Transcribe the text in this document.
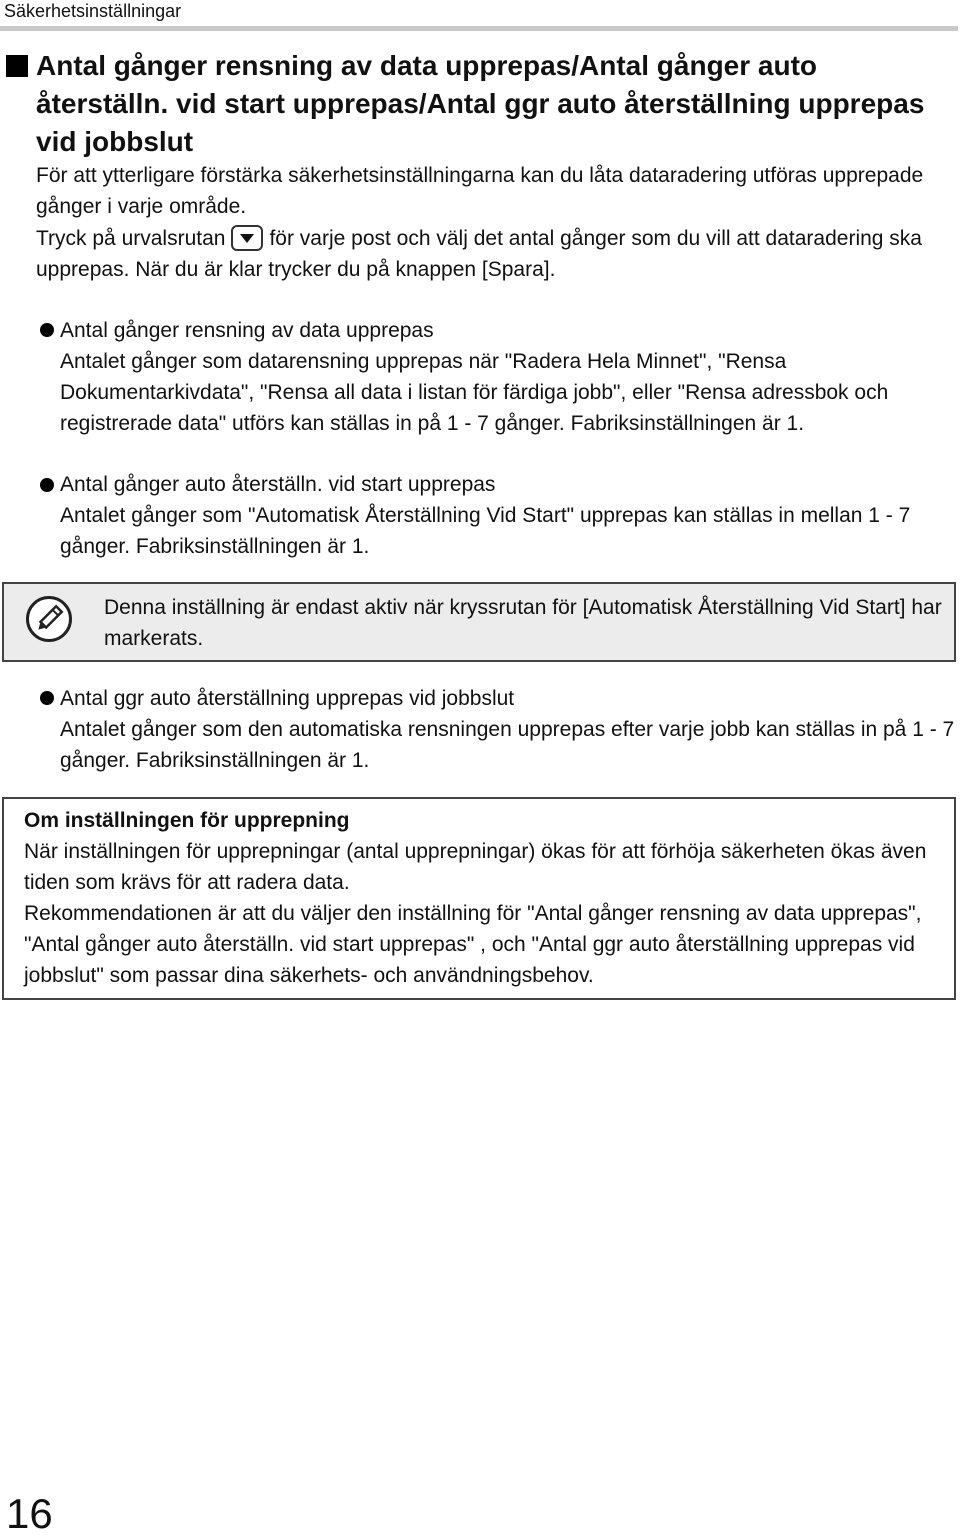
Säkerhetsinställningar
Antal gånger rensning av data upprepas/Antal gånger auto återställn. vid start upprepas/Antal ggr auto återställning upprepas vid jobbslut

För att ytterligare förstärka säkerhetsinställningarna kan du låta dataradering utföras upprepade gånger i varje område.

Tryck på urvalsrutan för varje post och välj det antal gånger som du vill att dataradering ska upprepas. När du är klar trycker du på knappen [Spara].

Antal gånger rensning av data upprepas

Antalet gånger som datarensning upprepas när "Radera Hela Minnet", "Rensa Dokumentarkivdata", "Rensa all data i listan för färdiga jobb", eller "Rensa adressbok och registrerade data" utförs kan ställas in på 1 - 7 gånger. Fabriksinställningen är 1.

Antal gånger auto återställn. vid start upprepas

Antalet gånger som "Automatisk Återställning Vid Start" upprepas kan ställas in mellan 1 - 7 gånger. Fabriksinställningen är 1.

Denna inställning är endast aktiv när kryssrutan för [Automatisk Återställning Vid Start] har markerats.
Antal ggr auto återställning upprepas vid jobbslut

Antalet gånger som den automatiska rensningen upprepas efter varje jobb kan ställas in på 1 - 7 gånger. Fabriksinställningen är 1.

Om inställningen för upprepning

När inställningen för upprepningar (antal upprepningar) ökas för att förhöja säkerheten ökas även tiden som krävs för att radera data.
Rekommendationen är att du väljer den inställning för "Antal gånger rensning av data upprepas", "Antal gånger auto återställn. vid start upprepas" , och "Antal ggr auto återställning upprepas vid jobbslut" som passar dina säkerhets- och användningsbehov.

16
